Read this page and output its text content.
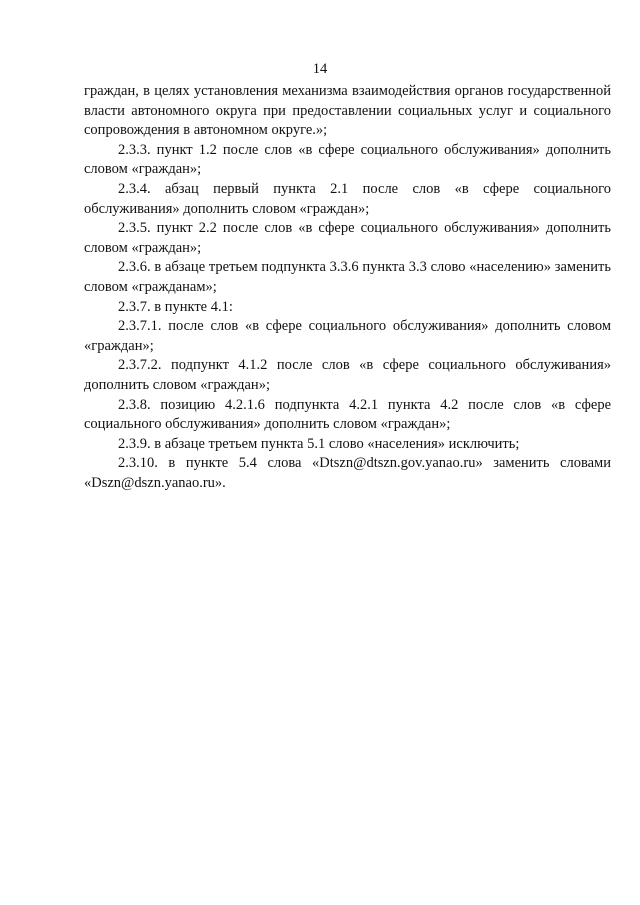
14

граждан, в целях установления механизма взаимодействия органов государственной власти автономного округа при предоставлении социальных услуг и социального сопровождения в автономном округе.»;

2.3.3. пункт 1.2 после слов «в сфере социального обслуживания» дополнить словом «граждан»;

2.3.4. абзац первый пункта 2.1 после слов «в сфере социального обслуживания» дополнить словом «граждан»;

2.3.5. пункт 2.2 после слов «в сфере социального обслуживания» дополнить словом «граждан»;

2.3.6. в абзаце третьем подпункта 3.3.6 пункта 3.3 слово «населению» заменить словом «гражданам»;

2.3.7. в пункте 4.1:

2.3.7.1. после слов «в сфере социального обслуживания» дополнить словом «граждан»;

2.3.7.2. подпункт 4.1.2 после слов «в сфере социального обслуживания» дополнить словом «граждан»;

2.3.8. позицию 4.2.1.6 подпункта 4.2.1 пункта 4.2 после слов «в сфере социального обслуживания» дополнить словом «граждан»;

2.3.9. в абзаце третьем пункта 5.1 слово «населения» исключить;

2.3.10. в пункте 5.4 слова «Dtszn@dtszn.gov.yanao.ru» заменить словами «Dszn@dszn.yanao.ru».
